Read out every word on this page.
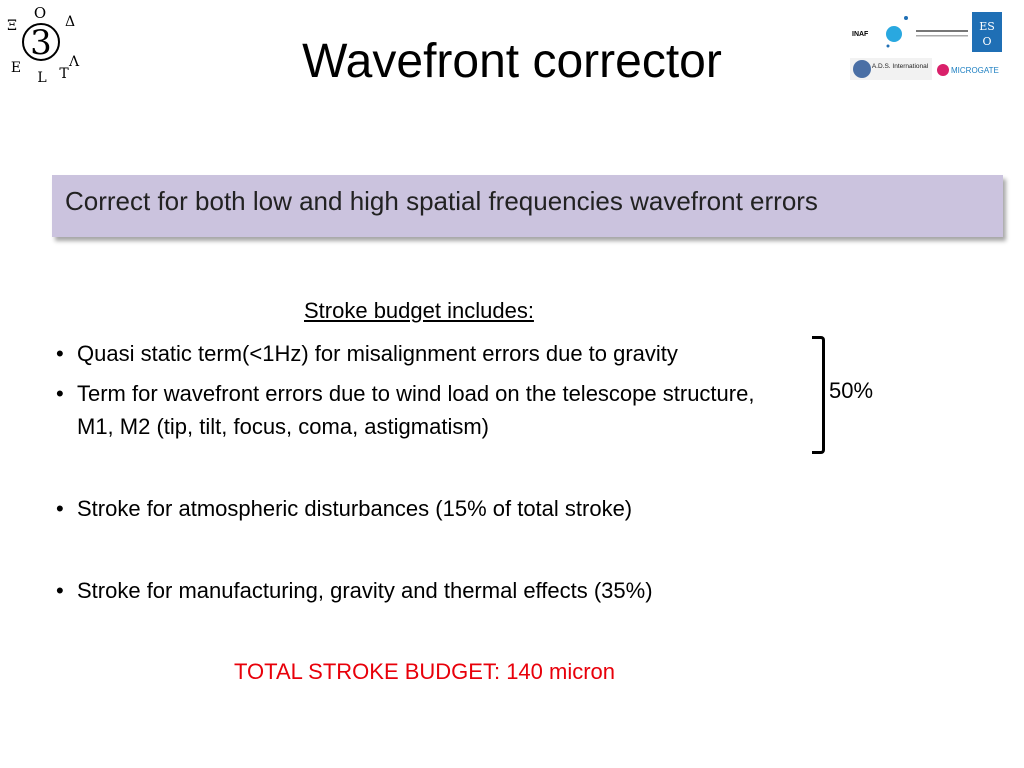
3
O Δ
Λ
T
L
E
Ξ
Wavefront corrector
INAF
ES
O
A.D.S. International	MICROGATE
Correct for both low and high spatial frequencies wavefront errors
Stroke budget includes:
• Quasi static term(<1Hz) for misalignment errors due to gravity
• Term for wavefront errors due to wind load on the telescope structure, M1, M2 (tip, tilt, focus, coma, astigmatism)
• Stroke for atmospheric disturbances (15% of total stroke)
• Stroke for manufacturing, gravity and thermal effects (35%)
50%
TOTAL STROKE BUDGET: 140 micron
